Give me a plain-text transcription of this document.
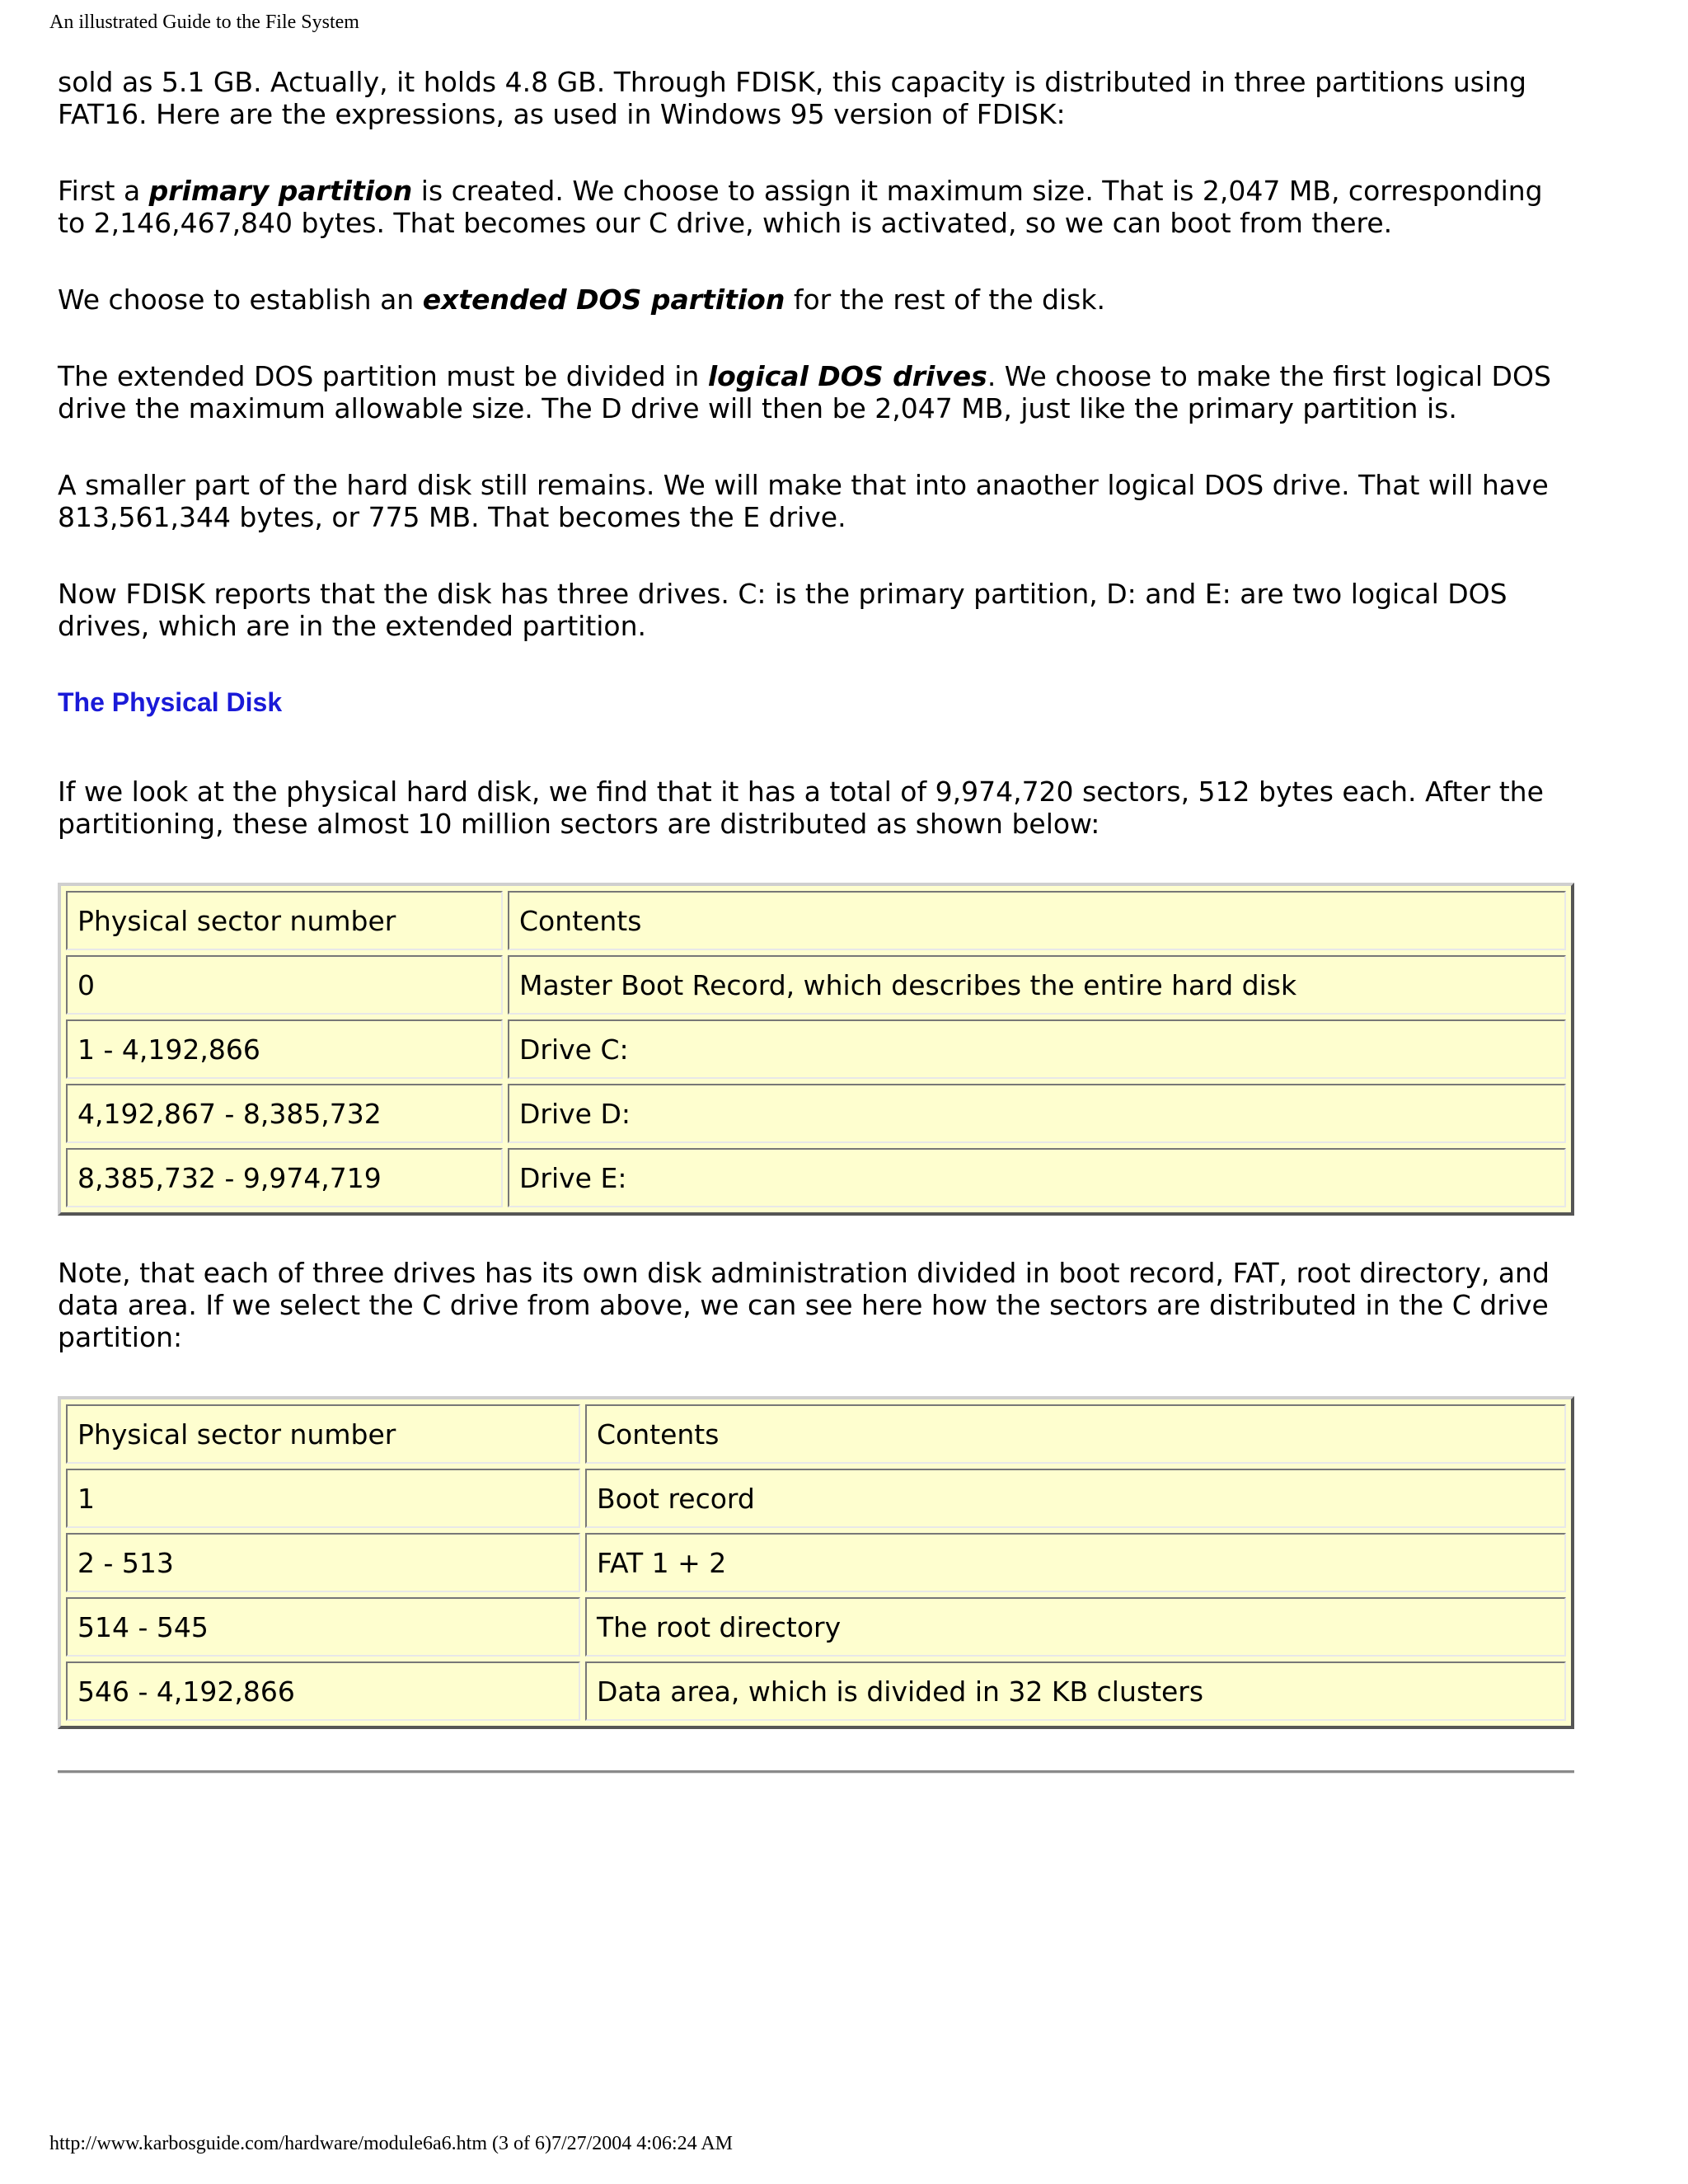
An illustrated Guide to the File System

sold as 5.1 GB. Actually, it holds 4.8 GB. Through FDISK, this capacity is distributed in three partitions using FAT16. Here are the expressions, as used in Windows 95 version of FDISK:

First a primary partition is created. We choose to assign it maximum size. That is 2,047 MB, corresponding to 2,146,467,840 bytes. That becomes our C drive, which is activated, so we can boot from there.

We choose to establish an extended DOS partition for the rest of the disk.

The extended DOS partition must be divided in logical DOS drives. We choose to make the first logical DOS drive the maximum allowable size. The D drive will then be 2,047 MB, just like the primary partition is.

A smaller part of the hard disk still remains. We will make that into anaother logical DOS drive. That will have 813,561,344 bytes, or 775 MB. That becomes the E drive.

Now FDISK reports that the disk has three drives. C: is the primary partition, D: and E: are two logical DOS drives, which are in the extended partition.

The Physical Disk

If we look at the physical hard disk, we find that it has a total of 9,974,720 sectors, 512 bytes each. After the partitioning, these almost 10 million sectors are distributed as shown below:

Physical sector number	Contents
0	Master Boot Record, which describes the entire hard disk
1 - 4,192,866	Drive C:
4,192,867 - 8,385,732	Drive D:
8,385,732 - 9,974,719	Drive E:

Note, that each of three drives has its own disk administration divided in boot record, FAT, root directory, and data area. If we select the C drive from above, we can see here how the sectors are distributed in the C drive partition:

Physical sector number	Contents
1	Boot record
2 - 513	FAT 1 + 2
514 - 545	The root directory
546 - 4,192,866	Data area, which is divided in 32 KB clusters
http://www.karbosguide.com/hardware/module6a6.htm (3 of 6)7/27/2004 4:06:24 AM
